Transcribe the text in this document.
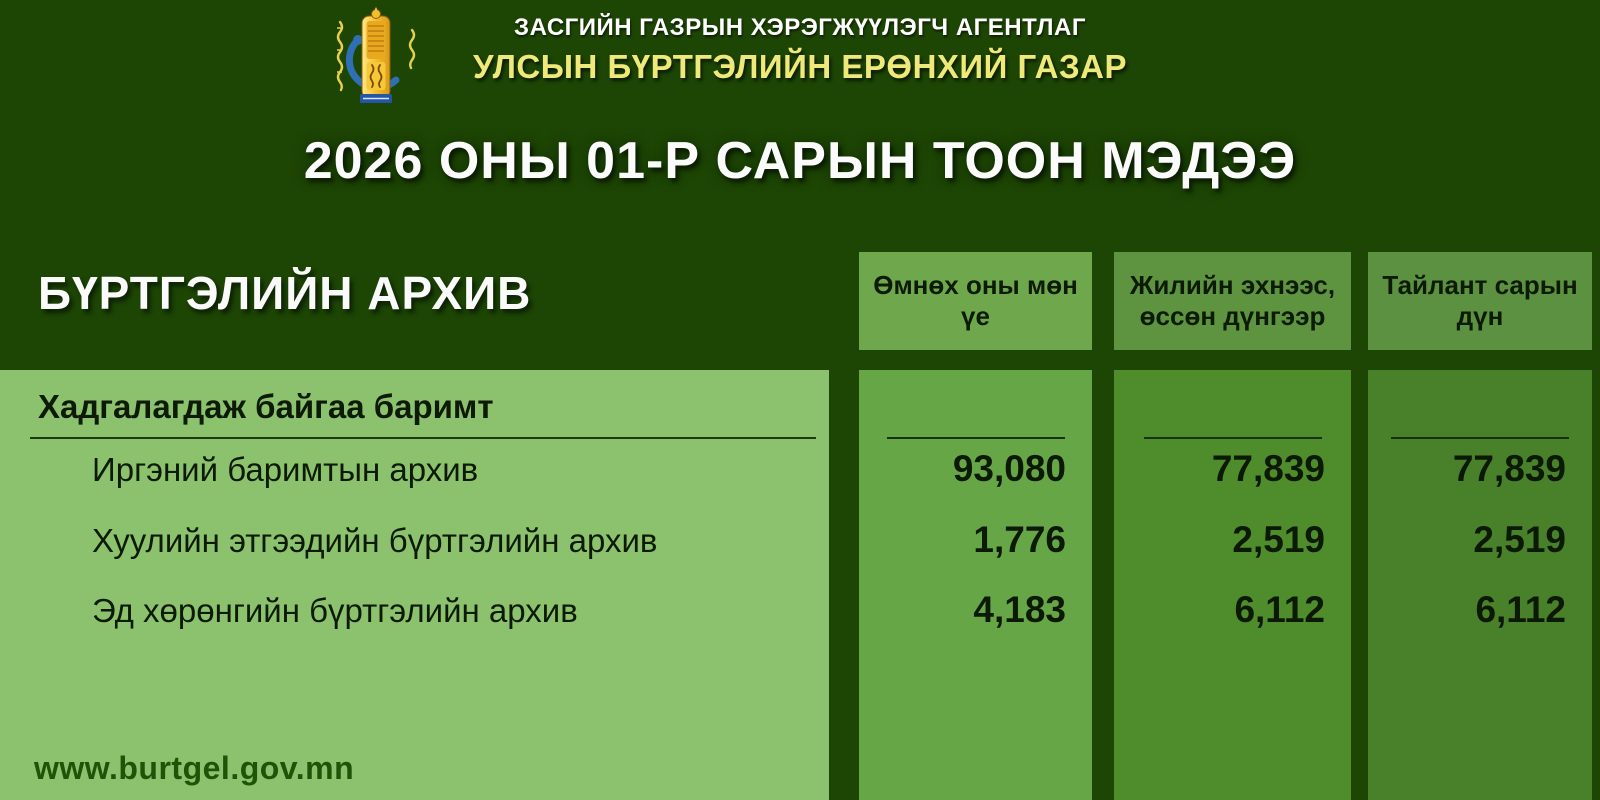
ЗАСГИЙН ГАЗРЫН ХЭРЭГЖҮҮЛЭГЧ АГЕНТЛАГ
УЛСЫН БҮРТГЭЛИЙН ЕРӨНХИЙ ГАЗАР
2026 ОНЫ 01-Р САРЫН ТООН МЭДЭЭ
БҮРТГЭЛИЙН АРХИВ	Өмнөх оны мөн үе
Жилийн эхнээс, өссөн дүнгээр
Тайлант сарын дүн
Хадгалагдаж байгаа баримт
Иргэний баримтын архив
Хуулийн этгээдийн бүртгэлийн архив
Эд хөрөнгийн бүртгэлийн архив
93,080
1,776
4,183
77,839
2,519
6,112
77,839
2,519
6,112
www.burtgel.gov.mn
